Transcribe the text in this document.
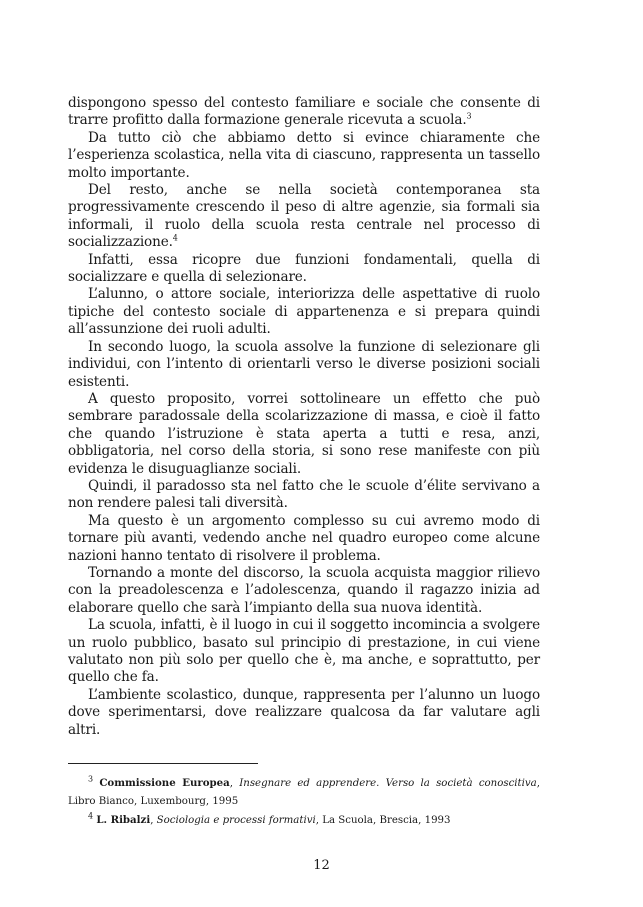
dispongono spesso del contesto familiare e sociale che consente di trarre profitto dalla formazione generale ricevuta a scuola.$^3$

Da tutto ciò che abbiamo detto si evince chiaramente che l’esperienza scolastica, nella vita di ciascuno, rappresenta un tassello molto importante.

Del resto, anche se nella società contemporanea sta progressivamente crescendo il peso di altre agenzie, sia formali sia informali, il ruolo della scuola resta centrale nel processo di socializzazione.$^4$

Infatti, essa ricopre due funzioni fondamentali, quella di socializzare e quella di selezionare.

L’alunno, o attore sociale, interiorizza delle aspettative di ruolo tipiche del contesto sociale di appartenenza e si prepara quindi all’assunzione dei ruoli adulti.

In secondo luogo, la scuola assolve la funzione di selezionare gli individui, con l’intento di orientarli verso le diverse posizioni sociali esistenti.

A questo proposito, vorrei sottolineare un effetto che può sembrare paradossale della scolarizzazione di massa, e cioè il fatto che quando l’istruzione è stata aperta a tutti e resa, anzi, obbligatoria, nel corso della storia, si sono rese manifeste con più evidenza le disuguaglianze sociali.

Quindi, il paradosso sta nel fatto che le scuole d’élite servivano a non rendere palesi tali diversità.

Ma questo è un argomento complesso su cui avremo modo di tornare più avanti, vedendo anche nel quadro europeo come alcune nazioni hanno tentato di risolvere il problema.

Tornando a monte del discorso, la scuola acquista maggior rilievo con la preadolescenza e l’adolescenza, quando il ragazzo inizia ad elaborare quello che sarà l’impianto della sua nuova identità.

La scuola, infatti, è il luogo in cui il soggetto incomincia a svolgere un ruolo pubblico, basato sul principio di prestazione, in cui viene valutato non più solo per quello che è, ma anche, e soprattutto, per quello che fa.

L’ambiente scolastico, dunque, rappresenta per l’alunno un luogo dove sperimentarsi, dove realizzare qualcosa da far valutare agli altri.

$^3$ Commissione Europea, Insegnare ed apprendere. Verso la società conoscitiva, Libro Bianco, Luxembourg, 1995

$^4$ L. Ribalzi, Sociologia e processi formativi, La Scuola, Brescia, 1993

12
